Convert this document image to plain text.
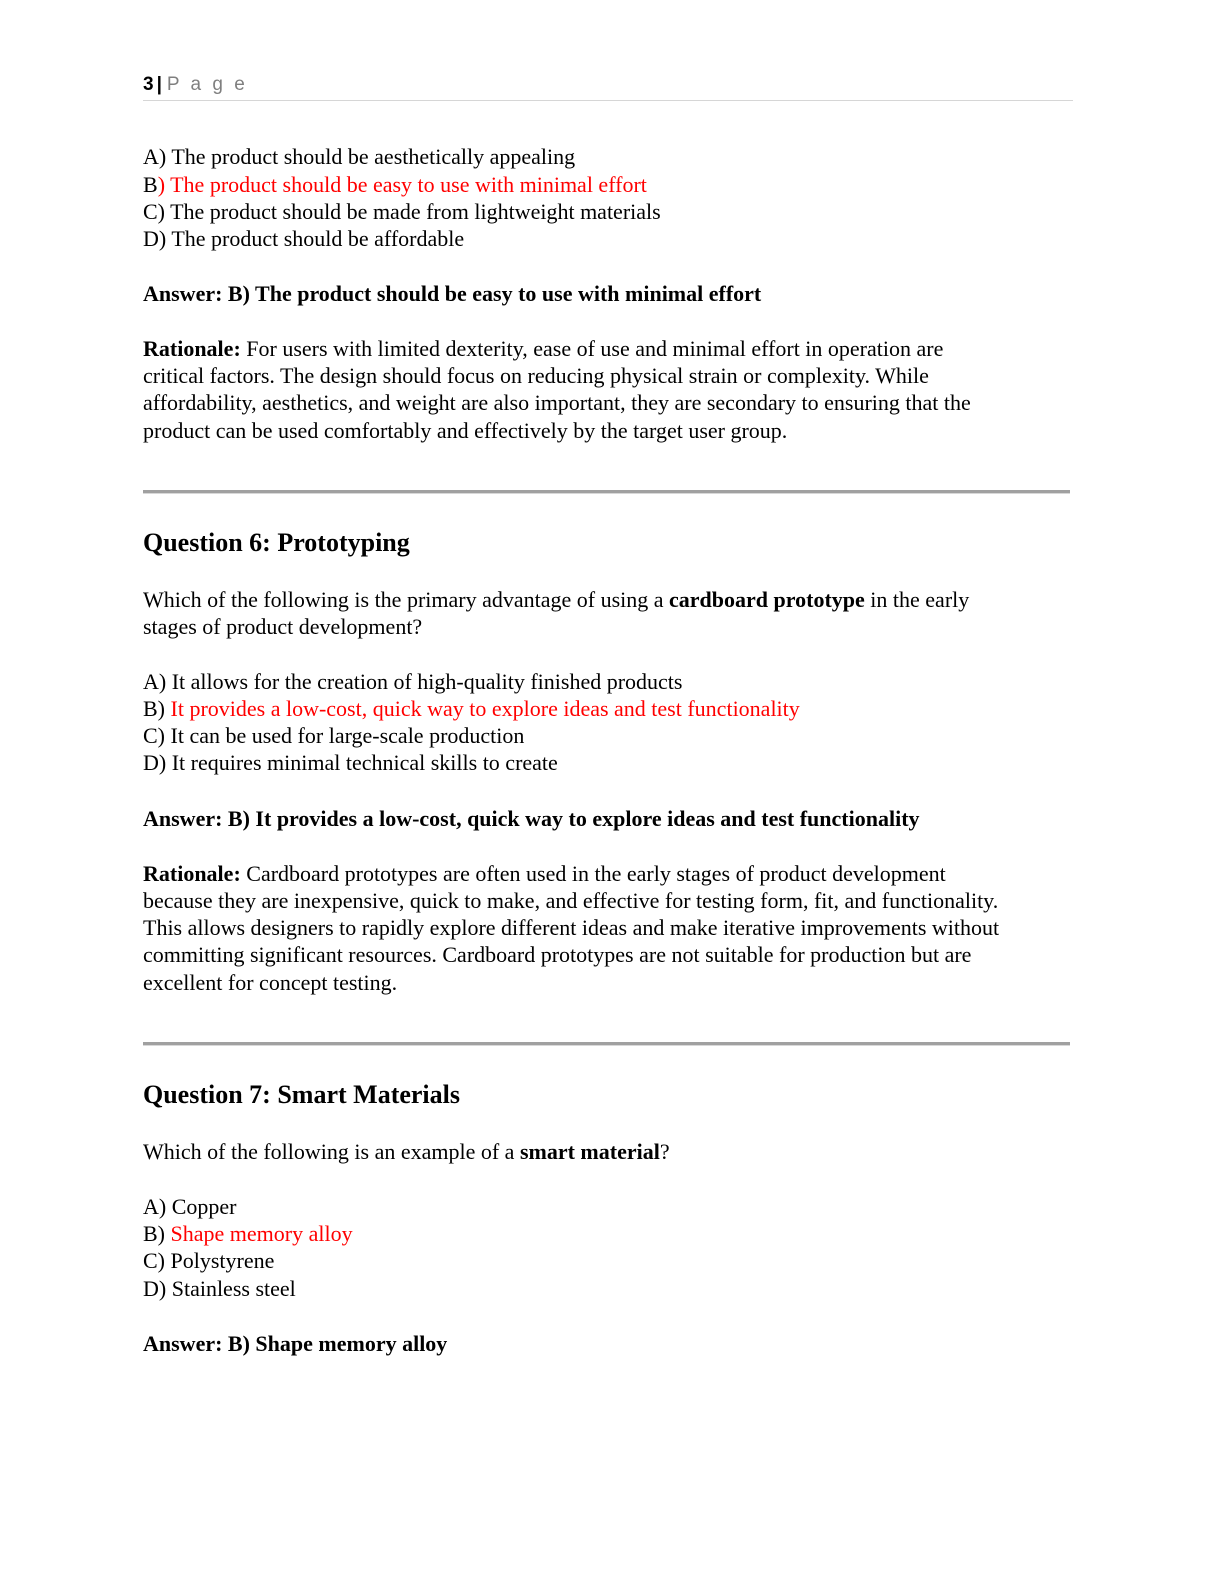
3 | P a g e
A) The product should be aesthetically appealing
B) The product should be easy to use with minimal effort
C) The product should be made from lightweight materials
D) The product should be affordable
Answer: B) The product should be easy to use with minimal effort
Rationale: For users with limited dexterity, ease of use and minimal effort in operation are
critical factors. The design should focus on reducing physical strain or complexity. While
affordability, aesthetics, and weight are also important, they are secondary to ensuring that the
product can be used comfortably and effectively by the target user group.
Question 6: Prototyping
Which of the following is the primary advantage of using a cardboard prototype in the early
stages of product development?
A) It allows for the creation of high-quality finished products
B) It provides a low-cost, quick way to explore ideas and test functionality
C) It can be used for large-scale production
D) It requires minimal technical skills to create
Answer: B) It provides a low-cost, quick way to explore ideas and test functionality
Rationale: Cardboard prototypes are often used in the early stages of product development
because they are inexpensive, quick to make, and effective for testing form, fit, and functionality.
This allows designers to rapidly explore different ideas and make iterative improvements without
committing significant resources. Cardboard prototypes are not suitable for production but are
excellent for concept testing.
Question 7: Smart Materials
Which of the following is an example of a smart material?
A) Copper
B) Shape memory alloy
C) Polystyrene
D) Stainless steel
Answer: B) Shape memory alloy
